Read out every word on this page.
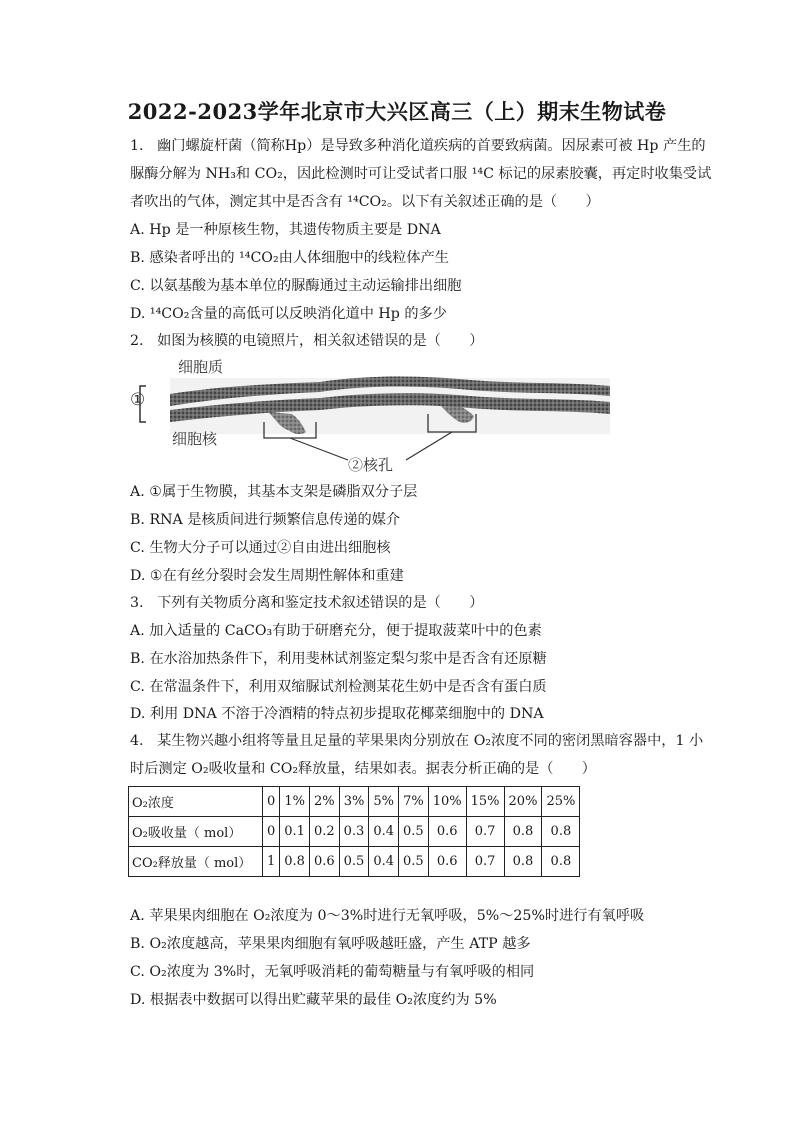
2022-2023学年北京市大兴区高三（上）期末生物试卷
1. 幽门螺旋杆菌（简称Hp）是导致多种消化道疾病的首要致病菌。因尿素可被 Hp 产生的
脲酶分解为 NH₃和 CO₂，因此检测时可让受试者口服 ¹⁴C 标记的尿素胶囊，再定时收集受试
者吹出的气体，测定其中是否含有 ¹⁴CO₂。以下有关叙述正确的是（　　）
A. Hp 是一种原核生物，其遗传物质主要是 DNA
B. 感染者呼出的 ¹⁴CO₂由人体细胞中的线粒体产生
C. 以氨基酸为基本单位的脲酶通过主动运输排出细胞
D. ¹⁴CO₂含量的高低可以反映消化道中 Hp 的多少
2. 如图为核膜的电镜照片，相关叙述错误的是（　　）
细胞质
①
细胞核
②核孔
A. ①属于生物膜，其基本支架是磷脂双分子层
B. RNA 是核质间进行频繁信息传递的媒介
C. 生物大分子可以通过②自由进出细胞核
D. ①在有丝分裂时会发生周期性解体和重建
3. 下列有关物质分离和鉴定技术叙述错误的是（　　）
A. 加入适量的 CaCO₃有助于研磨充分，便于提取菠菜叶中的色素
B. 在水浴加热条件下，利用斐林试剂鉴定梨匀浆中是否含有还原糖
C. 在常温条件下，利用双缩脲试剂检测某花生奶中是否含有蛋白质
D. 利用 DNA 不溶于冷酒精的特点初步提取花椰菜细胞中的 DNA
4. 某生物兴趣小组将等量且足量的苹果果肉分别放在 O₂浓度不同的密闭黑暗容器中，1 小
时后测定 O₂吸收量和 CO₂释放量，结果如表。据表分析正确的是（　　）
O₂浓度	0	1%	2%	3%	5%	7%	10%	15%	20%	25%
O₂吸收量（ mol）	0	0.1	0.2	0.3	0.4	0.5	0.6	0.7	0.8	0.8
CO₂释放量（ mol）	1	0.8	0.6	0.5	0.4	0.5	0.6	0.7	0.8	0.8
A. 苹果果肉细胞在 O₂浓度为 0～3%时进行无氧呼吸，5%～25%时进行有氧呼吸
B. O₂浓度越高，苹果果肉细胞有氧呼吸越旺盛，产生 ATP 越多
C. O₂浓度为 3%时，无氧呼吸消耗的葡萄糖量与有氧呼吸的相同
D. 根据表中数据可以得出贮藏苹果的最佳 O₂浓度约为 5%
